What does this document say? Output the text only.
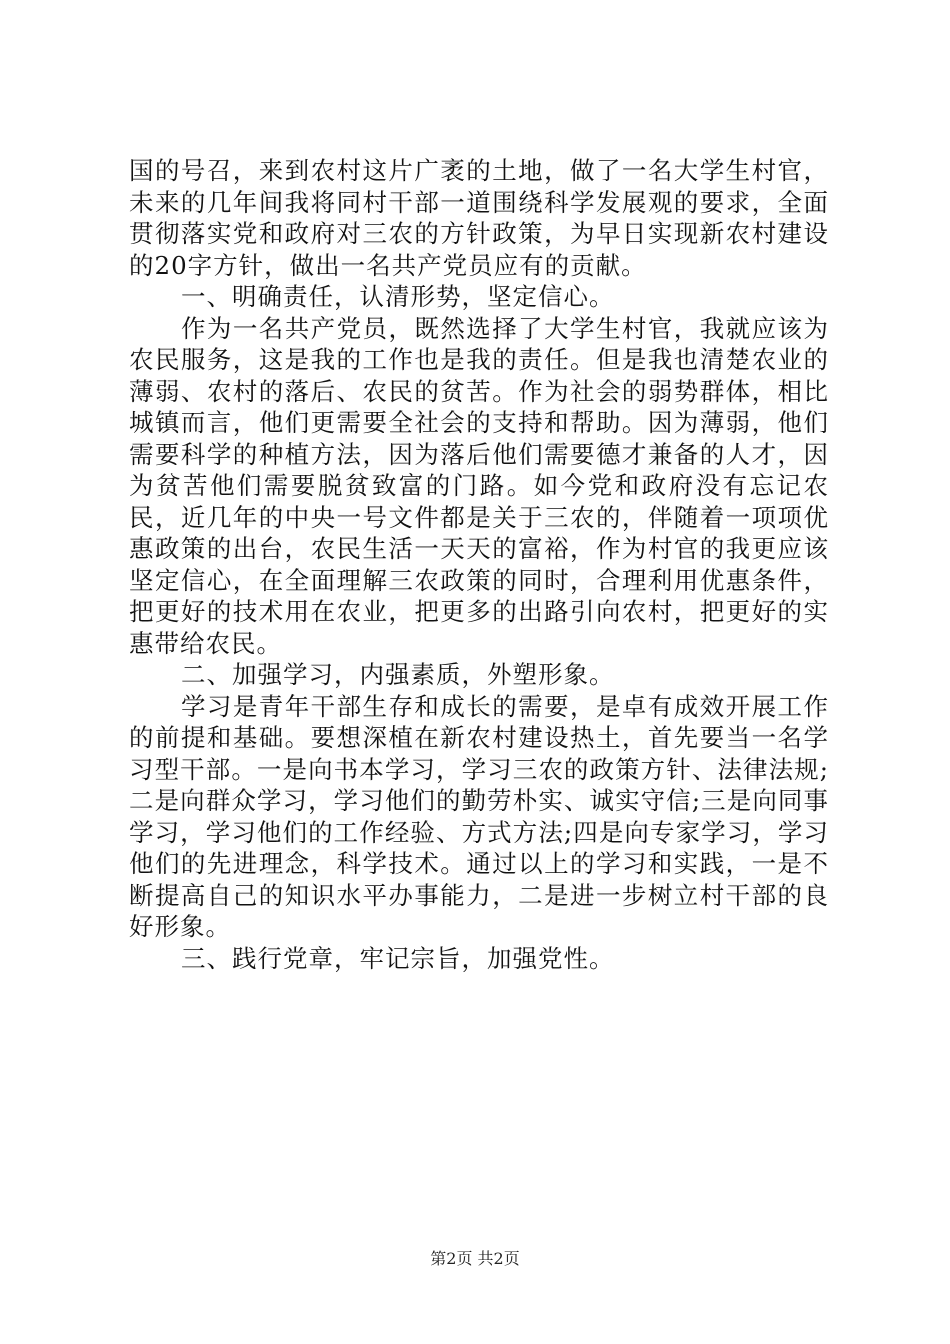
国的号召，来到农村这片广袤的土地，做了一名大学生村官，未来的几年间我将同村干部一道围绕科学发展观的要求，全面贯彻落实党和政府对三农的方针政策，为早日实现新农村建设的20字方针，做出一名共产党员应有的贡献。

一、明确责任，认清形势，坚定信心。

作为一名共产党员，既然选择了大学生村官，我就应该为农民服务，这是我的工作也是我的责任。但是我也清楚农业的薄弱、农村的落后、农民的贫苦。作为社会的弱势群体，相比城镇而言，他们更需要全社会的支持和帮助。因为薄弱，他们需要科学的种植方法，因为落后他们需要德才兼备的人才，因为贫苦他们需要脱贫致富的门路。如今党和政府没有忘记农民，近几年的中央一号文件都是关于三农的，伴随着一项项优惠政策的出台，农民生活一天天的富裕，作为村官的我更应该坚定信心，在全面理解三农政策的同时，合理利用优惠条件，把更好的技术用在农业，把更多的出路引向农村，把更好的实惠带给农民。

二、加强学习，内强素质，外塑形象。

学习是青年干部生存和成长的需要，是卓有成效开展工作的前提和基础。要想深植在新农村建设热土，首先要当一名学习型干部。一是向书本学习，学习三农的政策方针、法律法规;二是向群众学习，学习他们的勤劳朴实、诚实守信;三是向同事学习，学习他们的工作经验、方式方法;四是向专家学习，学习他们的先进理念，科学技术。通过以上的学习和实践，一是不断提高自己的知识水平办事能力，二是进一步树立村干部的良好形象。

三、践行党章，牢记宗旨，加强党性。

第2页 共2页
